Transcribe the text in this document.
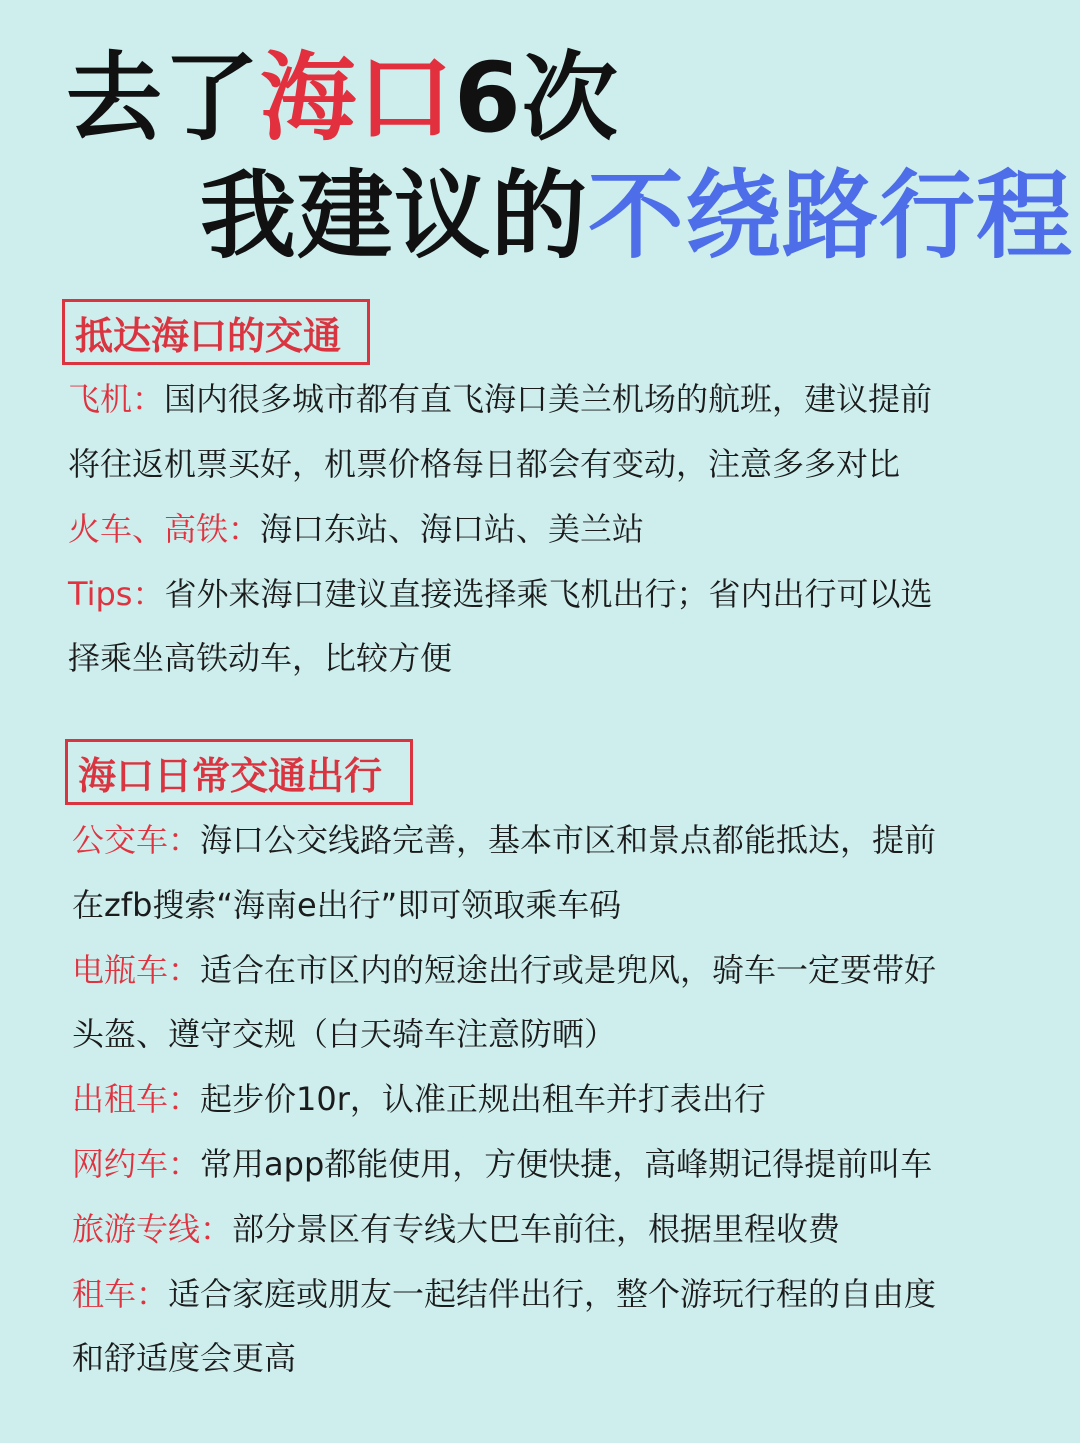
去了海口6次
我建议的不绕路行程
抵达海口的交通
飞机：国内很多城市都有直飞海口美兰机场的航班，建议提前
将往返机票买好，机票价格每日都会有变动，注意多多对比
火车、高铁：海口东站、海口站、美兰站
Tips：省外来海口建议直接选择乘飞机出行；省内出行可以选
择乘坐高铁动车，比较方便
海口日常交通出行
公交车：海口公交线路完善，基本市区和景点都能抵达，提前
在zfb搜索“海南e出行”即可领取乘车码
电瓶车：适合在市区内的短途出行或是兜风，骑车一定要带好
头盔、遵守交规（白天骑车注意防晒）
出租车：起步价10r，认准正规出租车并打表出行
网约车：常用app都能使用，方便快捷，高峰期记得提前叫车
旅游专线：部分景区有专线大巴车前往，根据里程收费
租车：适合家庭或朋友一起结伴出行，整个游玩行程的自由度
和舒适度会更高
